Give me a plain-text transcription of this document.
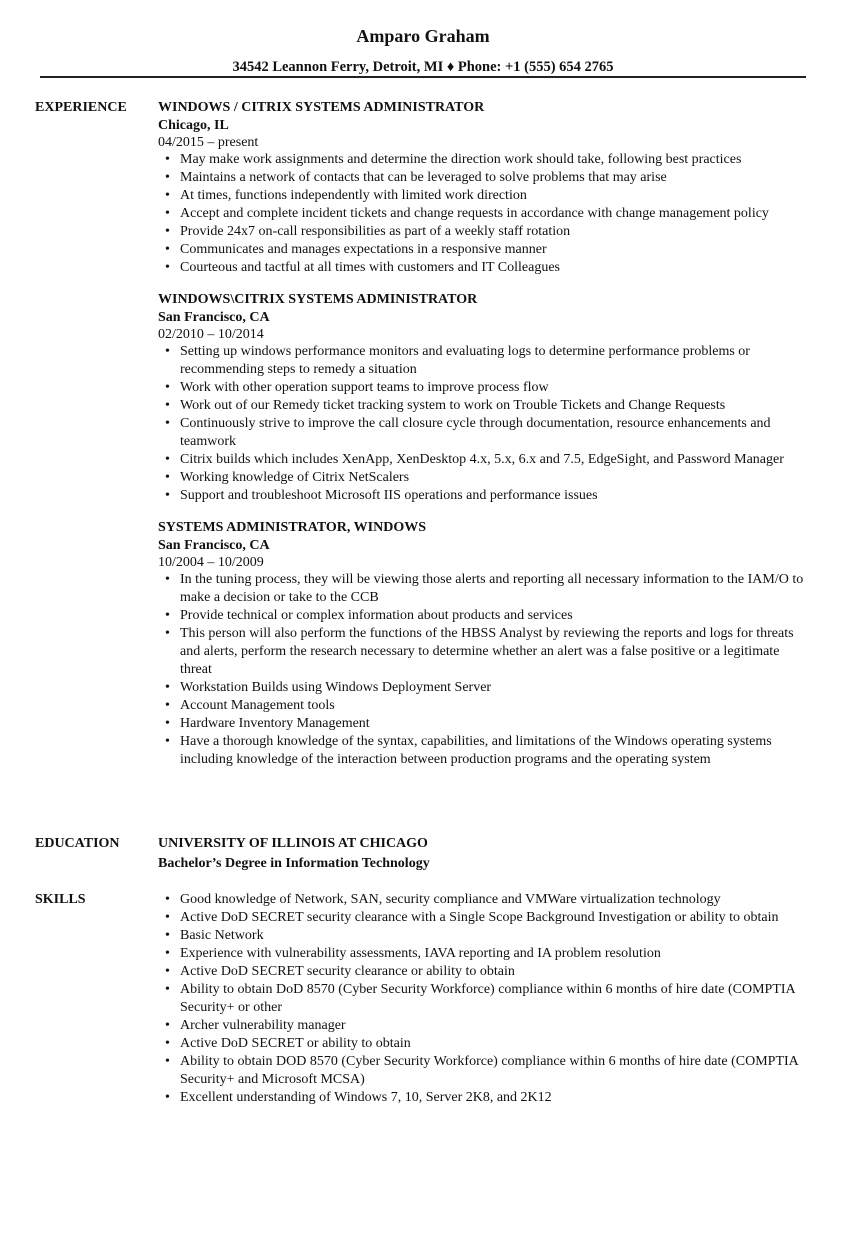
Amparo Graham
34542 Leannon Ferry, Detroit, MI ♦ Phone: +1 (555) 654 2765
EXPERIENCE WINDOWS / CITRIX SYSTEMS ADMINISTRATOR
Chicago, IL
04/2015 – present
• May make work assignments and determine the direction work should take, following best practices
• Maintains a network of contacts that can be leveraged to solve problems that may arise
• At times, functions independently with limited work direction
• Accept and complete incident tickets and change requests in accordance with change management policy
• Provide 24x7 on-call responsibilities as part of a weekly staff rotation
• Communicates and manages expectations in a responsive manner
• Courteous and tactful at all times with customers and IT Colleagues
WINDOWS\CITRIX SYSTEMS ADMINISTRATOR
San Francisco, CA
02/2010 – 10/2014
• Setting up windows performance monitors and evaluating logs to determine performance problems or recommending steps to remedy a situation
• Work with other operation support teams to improve process flow
• Work out of our Remedy ticket tracking system to work on Trouble Tickets and Change Requests
• Continuously strive to improve the call closure cycle through documentation, resource enhancements and teamwork
• Citrix builds which includes XenApp, XenDesktop 4.x, 5.x, 6.x and 7.5, EdgeSight, and Password Manager
• Working knowledge of Citrix NetScalers
• Support and troubleshoot Microsoft IIS operations and performance issues
SYSTEMS ADMINISTRATOR, WINDOWS
San Francisco, CA
10/2004 – 10/2009
• In the tuning process, they will be viewing those alerts and reporting all necessary information to the IAM/O to make a decision or take to the CCB
• Provide technical or complex information about products and services
• This person will also perform the functions of the HBSS Analyst by reviewing the reports and logs for threats and alerts, perform the research necessary to determine whether an alert was a false positive or a legitimate threat
• Workstation Builds using Windows Deployment Server
• Account Management tools
• Hardware Inventory Management
• Have a thorough knowledge of the syntax, capabilities, and limitations of the Windows operating systems including knowledge of the interaction between production programs and the operating system
EDUCATION	UNIVERSITY OF ILLINOIS AT CHICAGO
Bachelor’s Degree in Information Technology
SKILLS
•	Good knowledge of Network, SAN, security compliance and VMWare virtualization technology
• Active DoD SECRET security clearance with a Single Scope Background Investigation or ability to obtain
• Basic Network
• Experience with vulnerability assessments, IAVA reporting and IA problem resolution
• Active DoD SECRET security clearance or ability to obtain
• Ability to obtain DoD 8570 (Cyber Security Workforce) compliance within 6 months of hire date (COMPTIA Security+ or other
• Archer vulnerability manager
• Active DoD SECRET or ability to obtain
• Ability to obtain DOD 8570 (Cyber Security Workforce) compliance within 6 months of hire date (COMPTIA Security+ and Microsoft MCSA)
• Excellent understanding of Windows 7, 10, Server 2K8, and 2K12
